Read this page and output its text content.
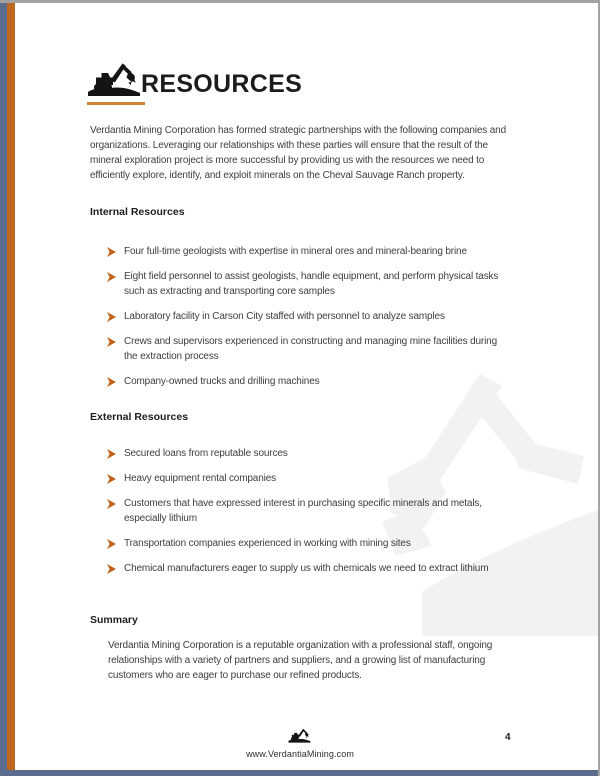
RESOURCES
Verdantia Mining Corporation has formed strategic partnerships with the following companies and organizations. Leveraging our relationships with these parties will ensure that the result of the mineral exploration project is more successful by providing us with the resources we need to efficiently explore, identify, and exploit minerals on the Cheval Sauvage Ranch property.
Internal Resources
Four full-time geologists with expertise in mineral ores and mineral-bearing brine
Eight field personnel to assist geologists, handle equipment, and perform physical tasks such as extracting and transporting core samples
Laboratory facility in Carson City staffed with personnel to analyze samples
Crews and supervisors experienced in constructing and managing mine facilities during the extraction process
Company-owned trucks and drilling machines
External Resources
Secured loans from reputable sources
Heavy equipment rental companies
Customers that have expressed interest in purchasing specific minerals and metals, especially lithium
Transportation companies experienced in working with mining sites
Chemical manufacturers eager to supply us with chemicals we need to extract lithium
Summary
Verdantia Mining Corporation is a reputable organization with a professional staff, ongoing relationships with a variety of partners and suppliers, and a growing list of manufacturing customers who are eager to purchase our refined products.
www.VerdantiaMining.com
4
